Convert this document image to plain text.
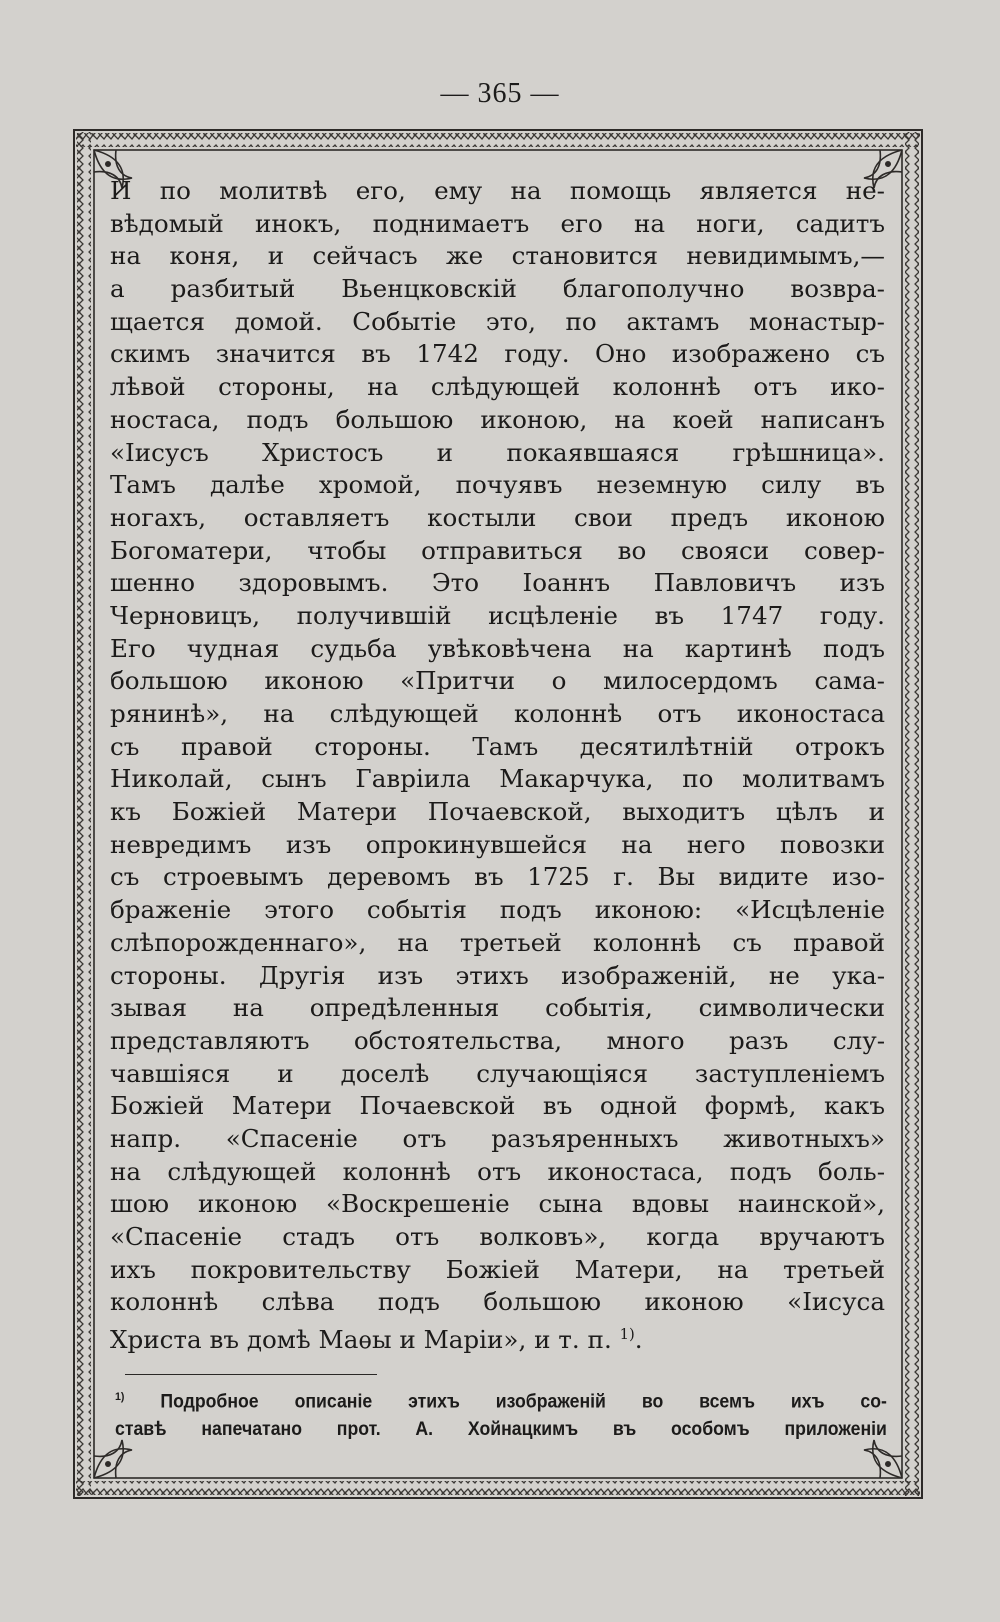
— 365 —
И по молитвѣ его, ему на помощь является не-
вѣдомый инокъ, поднимаетъ его на ноги, садитъ
на коня, и сейчасъ же становится невидимымъ,—
а разбитый Вьенцковскій благополучно возвра-
щается домой. Событіе это, по актамъ монастыр-
скимъ значится въ 1742 году. Оно изображено съ
лѣвой стороны, на слѣдующей колоннѣ отъ ико-
ностаса, подъ большою иконою, на коей написанъ
«Іисусъ Христосъ и покаявшаяся грѣшница».
Тамъ далѣе хромой, почуявъ неземную силу въ
ногахъ, оставляетъ костыли свои предъ иконою
Богоматери, чтобы отправиться во свояси совер-
шенно здоровымъ. Это Іоаннъ Павловичъ изъ
Черновицъ, получившій исцѣленіе въ 1747 году.
Его чудная судьба увѣковѣчена на картинѣ подъ
большою иконою «Притчи о милосердомъ сама-
рянинѣ», на слѣдующей колоннѣ отъ иконостаса
съ правой стороны. Тамъ десятилѣтній отрокъ
Николай, сынъ Гавріила Макарчука, по молитвамъ
къ Божіей Матери Почаевской, выходитъ цѣлъ и
невредимъ изъ опрокинувшейся на него повозки
съ строевымъ деревомъ въ 1725 г. Вы видите изо-
браженіе этого событія подъ иконою: «Исцѣленіе
слѣпорожденнаго», на третьей колоннѣ съ правой
стороны. Другія изъ этихъ изображеній, не ука-
зывая на опредѣленныя событія, символически
представляютъ обстоятельства, много разъ слу-
чавшіяся и доселѣ случающіяся заступленіемъ
Божіей Матери Почаевской въ одной формѣ, какъ
напр. «Спасеніе отъ разъяренныхъ животныхъ»
на слѣдующей колоннѣ отъ иконостаса, подъ боль-
шою иконою «Воскрешеніе сына вдовы наинской»,
«Спасеніе стадъ отъ волковъ», когда вручаютъ
ихъ покровительству Божіей Матери, на третьей
колоннѣ слѣва подъ большою иконою «Іисуса
Христа въ домѣ Маѳы и Маріи», и т. п. $^{1)}$.
$^{1)}$ Подробное описаніе этихъ изображеній во всемъ ихъ со-
ставѣ напечатано прот. А. Хойнацкимъ въ особомъ приложеніи
